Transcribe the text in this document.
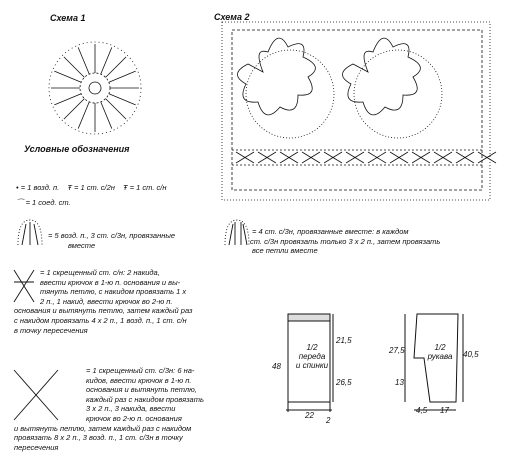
Схема 1	Схема 2
Условные обозначения
• = 1 возд. п. Ŧ = 1 ст. с/2н Ŧ = 1 ст. с/н
⌒ = 1 соед. ст.
= 5 возд. п., 3 ст. с/3н, провязанные
вместе
= 4 ст. с/3н, провязанные вместе: в каждом
ст. с/3н провязать только 3 х 2 п., затем провязать
все петли вместе
= 1 скрещенный ст. с/н: 2 накида,
ввести крючок в 1-ю п. основания и вы-
тянуть петлю, с накидом провязать 1 х
2 п., 1 накид, ввести крючок во 2-ю п.
основания и вытянуть петлю, затем каждый раз
с накидом провязать 4 х 2 п., 1 возд. п., 1 ст. с/н
в точку пересечения
= 1 скрещенный ст. с/3н: 6 на-
кидов, ввести крючок в 1-ю п.
основания и вытянуть петлю,
каждый раз с накидом провязать
3 х 2 п., 3 накида, ввести
крючок во 2-ю п. основания
и вытянуть петлю, затем каждый раз с накидом
провязать 8 х 2 п., 3 возд. п., 1 ст. с/3н в точку
пересечения
1/2
переда
и спинки
21,5
48
26,5
22
2
1/2
рукава
27,5	40,5
13
4,5 17
